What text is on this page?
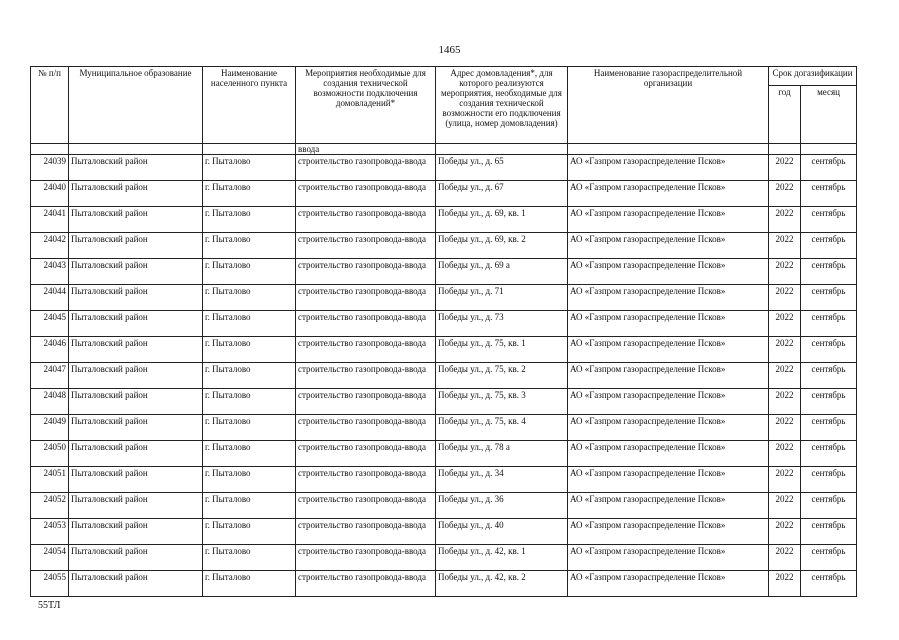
1465
№ п/п	Муниципальное образование	Наименование населенного пункта	Мероприятия необходимые для создания технической возможности подключения домовладений*	Адрес домовладения*, для которого реализуются мероприятия, необходимые для создания технической возможности его подключения (улица, номер домовладения)	Наименование газораспределительной организации	Срок догазификации	
						год	месяц
			ввода				
24039	Пыталовский район	г. Пыталово	строительство газопровода-ввода	Победы ул., д. 65	АО «Газпром газораспределение Псков»	2022	сентябрь
24040	Пыталовский район	г. Пыталово	строительство газопровода-ввода	Победы ул., д. 67	АО «Газпром газораспределение Псков»	2022	сентябрь
24041	Пыталовский район	г. Пыталово	строительство газопровода-ввода	Победы ул., д. 69, кв. 1	АО «Газпром газораспределение Псков»	2022	сентябрь
24042	Пыталовский район	г. Пыталово	строительство газопровода-ввода	Победы ул., д. 69, кв. 2	АО «Газпром газораспределение Псков»	2022	сентябрь
24043	Пыталовский район	г. Пыталово	строительство газопровода-ввода	Победы ул., д. 69 а	АО «Газпром газораспределение Псков»	2022	сентябрь
24044	Пыталовский район	г. Пыталово	строительство газопровода-ввода	Победы ул., д. 71	АО «Газпром газораспределение Псков»	2022	сентябрь
24045	Пыталовский район	г. Пыталово	строительство газопровода-ввода	Победы ул., д. 73	АО «Газпром газораспределение Псков»	2022	сентябрь
24046	Пыталовский район	г. Пыталово	строительство газопровода-ввода	Победы ул., д. 75, кв. 1	АО «Газпром газораспределение Псков»	2022	сентябрь
24047	Пыталовский район	г. Пыталово	строительство газопровода-ввода	Победы ул., д. 75, кв. 2	АО «Газпром газораспределение Псков»	2022	сентябрь
24048	Пыталовский район	г. Пыталово	строительство газопровода-ввода	Победы ул., д. 75, кв. 3	АО «Газпром газораспределение Псков»	2022	сентябрь
24049	Пыталовский район	г. Пыталово	строительство газопровода-ввода	Победы ул., д. 75, кв. 4	АО «Газпром газораспределение Псков»	2022	сентябрь
24050	Пыталовский район	г. Пыталово	строительство газопровода-ввода	Победы ул., д. 78 а	АО «Газпром газораспределение Псков»	2022	сентябрь
24051	Пыталовский район	г. Пыталово	строительство газопровода-ввода	Победы ул., д. 34	АО «Газпром газораспределение Псков»	2022	сентябрь
24052	Пыталовский район	г. Пыталово	строительство газопровода-ввода	Победы ул., д. 36	АО «Газпром газораспределение Псков»	2022	сентябрь
24053	Пыталовский район	г. Пыталово	строительство газопровода-ввода	Победы ул., д. 40	АО «Газпром газораспределение Псков»	2022	сентябрь
24054	Пыталовский район	г. Пыталово	строительство газопровода-ввода	Победы ул., д. 42, кв. 1	АО «Газпром газораспределение Псков»	2022	сентябрь
24055	Пыталовский район	г. Пыталово	строительство газопровода-ввода	Победы ул., д. 42, кв. 2	АО «Газпром газораспределение Псков»	2022	сентябрь
55ТЛ
